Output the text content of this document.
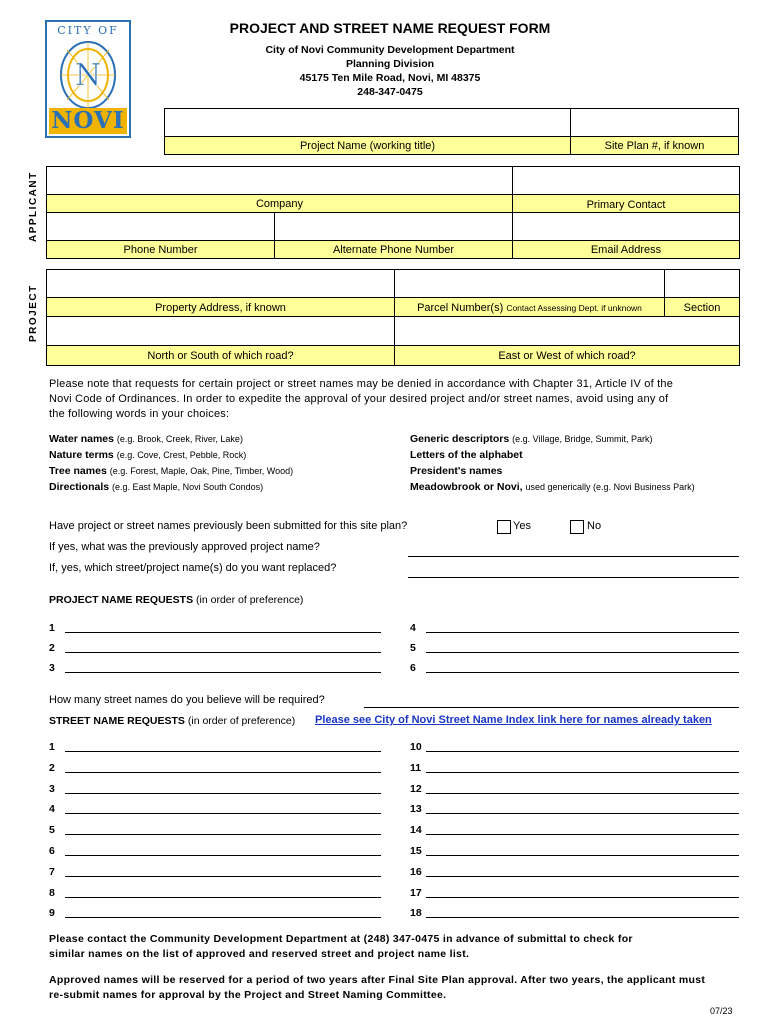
CITY OF
N
NOVI
PROJECT AND STREET NAME REQUEST FORM
City of Novi Community Development Department
Planning Division
45175 Ten Mile Road, Novi, MI 48375
248-347-0475
Project Name (working title)	Site Plan #, if known
APPLICANT	Company	Primary Contact
Phone Number	Alternate Phone Number	Email Address
PROJECT	Property Address, if known	Parcel Number(s) Contact Assessing Dept. if unknown	Section
North or South of which road?	East or West of which road?
Please note that requests for certain project or street names may be denied in accordance with Chapter 31, Article IV of the
Novi Code of Ordinances. In order to expedite the approval of your desired project and/or street names, avoid using any of
the following words in your choices:
Water names (e.g. Brook, Creek, River, Lake)
Nature terms (e.g. Cove, Crest, Pebble, Rock)
Tree names (e.g. Forest, Maple, Oak, Pine, Timber, Wood)
Directionals (e.g. East Maple, Novi South Condos)
Generic descriptors (e.g. Village, Bridge, Summit, Park)
Letters of the alphabet
President's names
Meadowbrook or Novi, used generically (e.g. Novi Business Park)
Have project or street names previously been submitted for this site plan?	Yes	No
If yes, what was the previously approved project name?
If, yes, which street/project name(s) do you want replaced?
PROJECT NAME REQUESTS (in order of preference)
1
2
3
4
5
6
How many street names do you believe will be required?
STREET NAME REQUESTS (in order of preference) Please see City of Novi Street Name Index link here for names already taken
1
2
3
4
5
6
7
8
9
10
11
12
13
14
15
16
17
18
Please contact the Community Development Department at (248) 347-0475 in advance of submittal to check for
similar names on the list of approved and reserved street and project name list.
Approved names will be reserved for a period of two years after Final Site Plan approval. After two years, the applicant must
re-submit names for approval by the Project and Street Naming Committee.
07/23
